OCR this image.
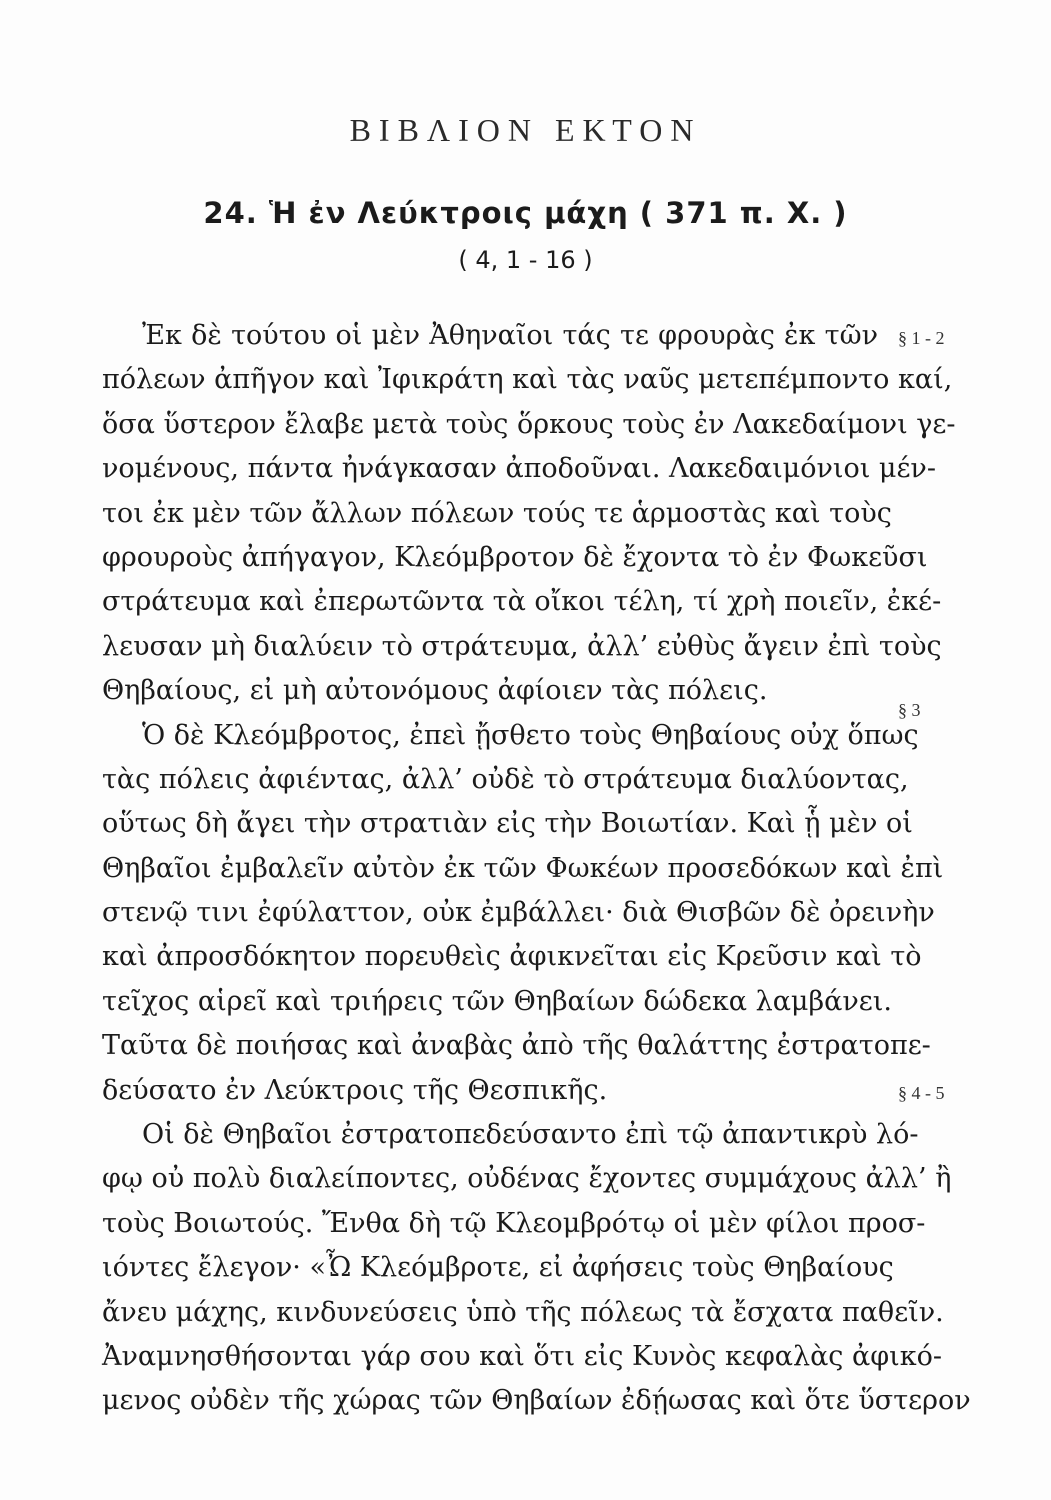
ΒΙΒΛΙΟΝ ΕΚΤΟΝ
24. Ἡ ἐν Λεύκτροις μάχη ( 371 π. Χ. )
( 4, 1 - 16 )
Ἐκ δὲ τούτου οἱ μὲν Ἀθηναῖοι τάς τε φρουρὰς ἐκ τῶν
πόλεων ἀπῆγον καὶ Ἰφικράτη καὶ τὰς ναῦς μετεπέμποντο καί,
ὅσα ὕστερον ἔλαβε μετὰ τοὺς ὅρκους τοὺς ἐν Λακεδαίμονι γε-
νομένους, πάντα ἠνάγκασαν ἀποδοῦναι. Λακεδαιμόνιοι μέν-
τοι ἐκ μὲν τῶν ἄλλων πόλεων τούς τε ἁρμοστὰς καὶ τοὺς
φρουροὺς ἀπήγαγον, Κλεόμβροτον δὲ ἔχοντα τὸ ἐν Φωκεῦσι
στράτευμα καὶ ἐπερωτῶντα τὰ οἴκοι τέλη, τί χρὴ ποιεῖν, ἐκέ-
λευσαν μὴ διαλύειν τὸ στράτευμα, ἀλλ’ εὐθὺς ἄγειν ἐπὶ τοὺς
Θηβαίους, εἰ μὴ αὐτονόμους ἀφίοιεν τὰς πόλεις.
Ὁ δὲ Κλεόμβροτος, ἐπεὶ ᾔσθετο τοὺς Θηβαίους οὐχ ὅπως
τὰς πόλεις ἀφιέντας, ἀλλ’ οὐδὲ τὸ στράτευμα διαλύοντας,
οὕτως δὴ ἄγει τὴν στρατιὰν εἰς τὴν Βοιωτίαν. Καὶ ᾗ μὲν οἱ
Θηβαῖοι ἐμβαλεῖν αὐτὸν ἐκ τῶν Φωκέων προσεδόκων καὶ ἐπὶ
στενῷ τινι ἐφύλαττον, οὐκ ἐμβάλλει· διὰ Θισβῶν δὲ ὀρεινὴν
καὶ ἀπροσδόκητον πορευθεὶς ἀφικνεῖται εἰς Κρεῦσιν καὶ τὸ
τεῖχος αἱρεῖ καὶ τριήρεις τῶν Θηβαίων δώδεκα λαμβάνει.
Ταῦτα δὲ ποιήσας καὶ ἀναβὰς ἀπὸ τῆς θαλάττης ἐστρατοπε-
δεύσατο ἐν Λεύκτροις τῆς Θεσπικῆς.
Οἱ δὲ Θηβαῖοι ἐστρατοπεδεύσαντο ἐπὶ τῷ ἀπαντικρὺ λό-
φῳ οὐ πολὺ διαλείποντες, οὐδένας ἔχοντες συμμάχους ἀλλ’ ἢ
τοὺς Βοιωτούς. Ἔνθα δὴ τῷ Κλεομβρότῳ οἱ μὲν φίλοι προσ-
ιόντες ἔλεγον· «Ὦ Κλεόμβροτε, εἰ ἀφήσεις τοὺς Θηβαίους
ἄνευ μάχης, κινδυνεύσεις ὑπὸ τῆς πόλεως τὰ ἔσχατα παθεῖν.
Ἀναμνησθήσονται γάρ σου καὶ ὅτι εἰς Κυνὸς κεφαλὰς ἀφικό-
μενος οὐδὲν τῆς χώρας τῶν Θηβαίων ἐδῄωσας καὶ ὅτε ὕστερον
§ 1 - 2
§ 3
§ 4 - 5
